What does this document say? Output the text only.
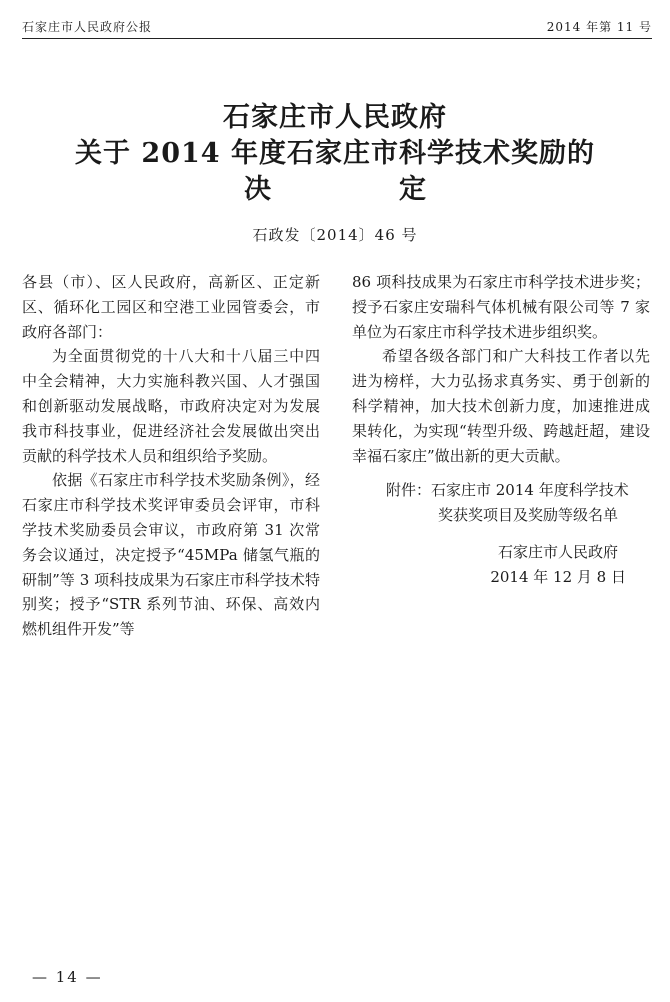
石家庄市人民政府公报	2014 年第 11 号
石家庄市人民政府
关于 2014 年度石家庄市科学技术奖励的
决	定
石政发〔2014〕46 号

各县（市）、区人民政府，高新区、正定新区、循环化工园区和空港工业园管委会，市政府各部门：

为全面贯彻党的十八大和十八届三中四中全会精神，大力实施科教兴国、人才强国和创新驱动发展战略，市政府决定对为发展我市科技事业，促进经济社会发展做出突出贡献的科学技术人员和组织给予奖励。

依据《石家庄市科学技术奖励条例》，经石家庄市科学技术奖评审委员会评审，市科学技术奖励委员会审议，市政府第 31 次常务会议通过，决定授予“45MPa 储氢气瓶的研制”等 3 项科技成果为石家庄市科学技术特别奖；授予“STR 系列节油、环保、高效内燃机组件开发”等

86 项科技成果为石家庄市科学技术进步奖；授予石家庄安瑞科气体机械有限公司等 7 家单位为石家庄市科学技术进步组织奖。

希望各级各部门和广大科技工作者以先进为榜样，大力弘扬求真务实、勇于创新的科学精神，加大技术创新力度，加速推进成果转化，为实现“转型升级、跨越赶超，建设幸福石家庄”做出新的更大贡献。

附件：石家庄市 2014 年度科学技术
奖获奖项目及奖励等级名单
石家庄市人民政府
2014 年 12 月 8 日
— 14 —
